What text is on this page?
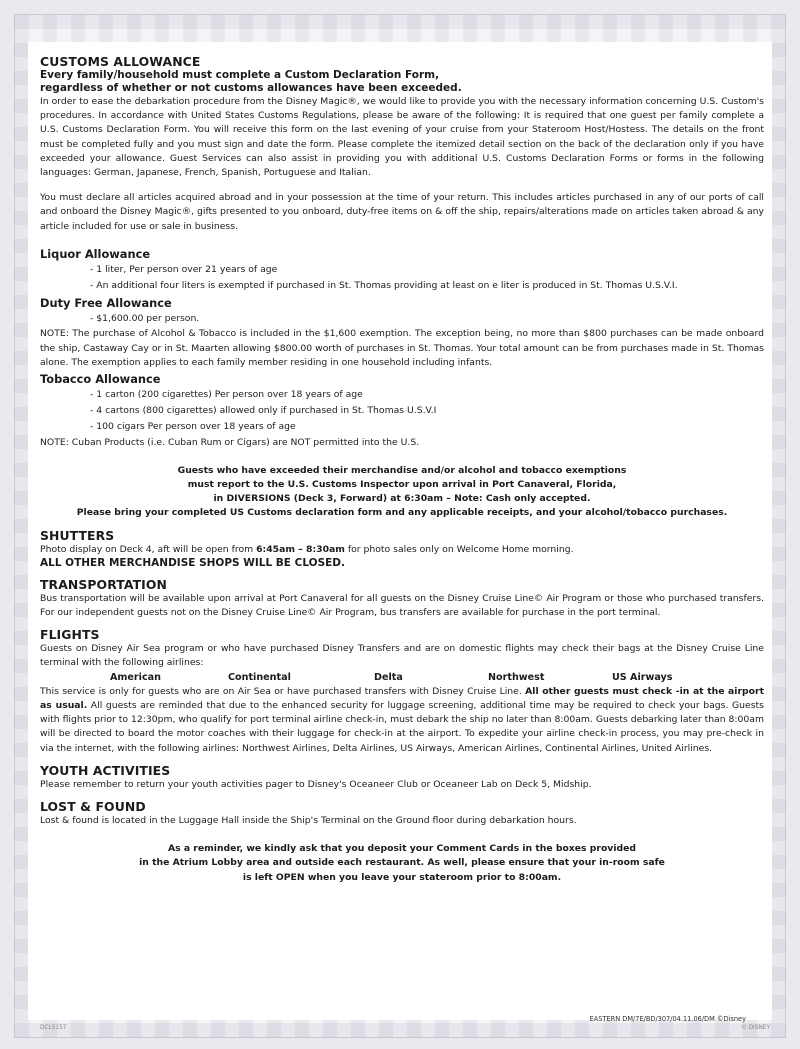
CUSTOMS ALLOWANCE
Every family/household must complete a Custom Declaration Form,
regardless of whether or not customs allowances have been exceeded.

In order to ease the debarkation procedure from the Disney Magic®, we would like to provide you with the necessary information concerning U.S. Custom's procedures. In accordance with United States Customs Regulations, please be aware of the following: It is required that one guest per family complete a U.S. Customs Declaration Form. You will receive this form on the last evening of your cruise from your Stateroom Host/Hostess. The details on the front must be completed fully and you must sign and date the form. Please complete the itemized detail section on the back of the declaration only if you have exceeded your allowance. Guest Services can also assist in providing you with additional U.S. Customs Declaration Forms or forms in the following languages: German, Japanese, French, Spanish, Portuguese and Italian.

You must declare all articles acquired abroad and in your possession at the time of your return. This includes articles purchased in any of our ports of call and onboard the Disney Magic®, gifts presented to you onboard, duty-free items on & off the ship, repairs/alterations made on articles taken abroad & any article included for use or sale in business.

Liquor Allowance
- 1 liter, Per person over 21 years of age
- An additional four liters is exempted if purchased in St. Thomas providing at least on e liter is produced in St. Thomas U.S.V.I.
Duty Free Allowance
- $1,600.00 per person.

NOTE: The purchase of Alcohol & Tobacco is included in the $1,600 exemption. The exception being, no more than $800 purchases can be made onboard the ship, Castaway Cay or in St. Maarten allowing $800.00 worth of purchases in St. Thomas. Your total amount can be from purchases made in St. Thomas alone. The exemption applies to each family member residing in one household including infants.

Tobacco Allowance
- 1 carton (200 cigarettes) Per person over 18 years of age
- 4 cartons (800 cigarettes) allowed only if purchased in St. Thomas U.S.V.I
- 100 cigars Per person over 18 years of age

NOTE: Cuban Products (i.e. Cuban Rum or Cigars) are NOT permitted into the U.S.

Guests who have exceeded their merchandise and/or alcohol and tobacco exemptions
must report to the U.S. Customs Inspector upon arrival in Port Canaveral, Florida,
in DIVERSIONS (Deck 3, Forward) at 6:30am – Note: Cash only accepted.
Please bring your completed US Customs declaration form and any applicable receipts, and your alcohol/tobacco purchases.
SHUTTERS

Photo display on Deck 4, aft will be open from 6:45am – 8:30am for photo sales only on Welcome Home morning.

ALL OTHER MERCHANDISE SHOPS WILL BE CLOSED.
TRANSPORTATION

Bus transportation will be available upon arrival at Port Canaveral for all guests on the Disney Cruise Line© Air Program or those who purchased transfers. For our independent guests not on the Disney Cruise Line© Air Program, bus transfers are available for purchase in the port terminal.

FLIGHTS

Guests on Disney Air Sea program or who have purchased Disney Transfers and are on domestic flights may check their bags at the Disney Cruise Line terminal with the following airlines:

American	Continental	Delta	Northwest	US Airways

This service is only for guests who are on Air Sea or have purchased transfers with Disney Cruise Line. All other guests must check -in at the airport as usual. All guests are reminded that due to the enhanced security for luggage screening, additional time may be required to check your bags. Guests with flights prior to 12:30pm, who qualify for port terminal airline check-in, must debark the ship no later than 8:00am. Guests debarking later than 8:00am will be directed to board the motor coaches with their luggage for check-in at the airport. To expedite your airline check-in process, you may pre-check in via the internet, with the following airlines: Northwest Airlines, Delta Airlines, US Airways, American Airlines, Continental Airlines, United Airlines.

YOUTH ACTIVITIES

Please remember to return your youth activities pager to Disney's Oceaneer Club or Oceaneer Lab on Deck 5, Midship.

LOST & FOUND

Lost & found is located in the Luggage Hall inside the Ship's Terminal on the Ground floor during debarkation hours.

As a reminder, we kindly ask that you deposit your Comment Cards in the boxes provided
in the Atrium Lobby area and outside each restaurant. As well, please ensure that your in-room safe
is left OPEN when you leave your stateroom prior to 8:00am.
EASTERN DM/7E/BD/307/04.11.06/DM ©Disney
DCL5157	© DISNEY
